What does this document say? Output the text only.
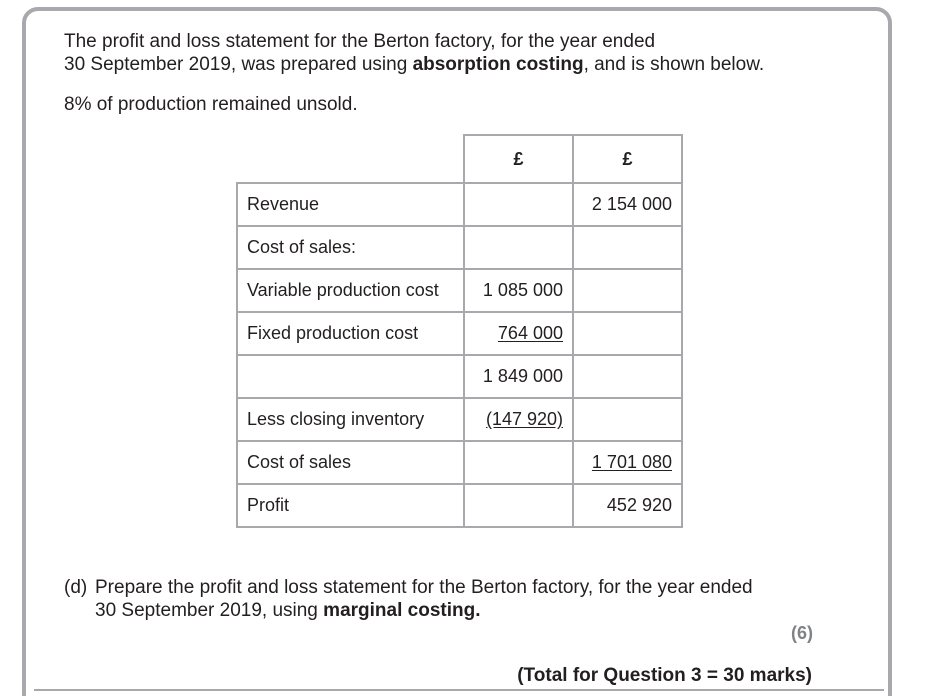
The profit and loss statement for the Berton factory, for the year ended
30 September 2019, was prepared using absorption costing, and is shown below.

8% of production remained unsold.

	£	£
Revenue		2 154 000
Cost of sales:		
Variable production cost	1 085 000	
Fixed production cost	764 000	
	1 849 000	
Less closing inventory	(147 920)	
Cost of sales		1 701 080
Profit		452 920
(d) Prepare the profit and loss statement for the Berton factory, for the year ended
30 September 2019, using marginal costing.
(6)
(Total for Question 3 = 30 marks)
